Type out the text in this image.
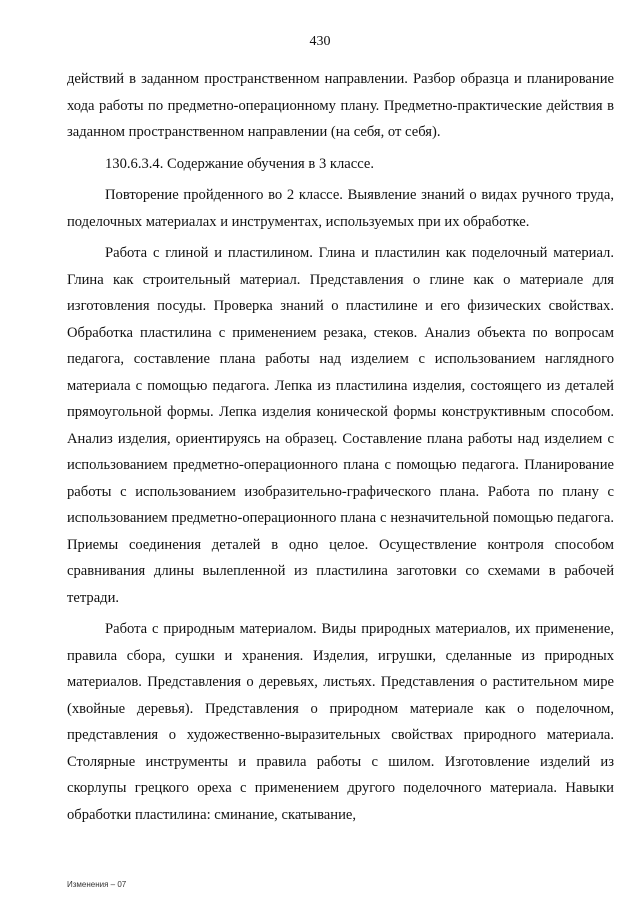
430

действий в заданном пространственном направлении. Разбор образца и планирование хода работы по предметно-операционному плану. Предметно-практические действия в заданном пространственном направлении (на себя, от себя).

130.6.3.4. Содержание обучения в 3 классе.

Повторение пройденного во 2 классе. Выявление знаний о видах ручного труда, поделочных материалах и инструментах, используемых при их обработке.

Работа с глиной и пластилином. Глина и пластилин как поделочный материал. Глина как строительный материал. Представления о глине как о материале для изготовления посуды. Проверка знаний о пластилине и его физических свойствах. Обработка пластилина с применением резака, стеков. Анализ объекта по вопросам педагога, составление плана работы над изделием с использованием наглядного материала с помощью педагога. Лепка из пластилина изделия, состоящего из деталей прямоугольной формы. Лепка изделия конической формы конструктивным способом. Анализ изделия, ориентируясь на образец. Составление плана работы над изделием с использованием предметно-операционного плана с помощью педагога. Планирование работы с использованием изобразительно-графического плана. Работа по плану с использованием предметно-операционного плана с незначительной помощью педагога. Приемы соединения деталей в одно целое. Осуществление контроля способом сравнивания длины вылепленной из пластилина заготовки со схемами в рабочей тетради.

Работа с природным материалом. Виды природных материалов, их применение, правила сбора, сушки и хранения. Изделия, игрушки, сделанные из природных материалов. Представления о деревьях, листьях. Представления о растительном мире (хвойные деревья). Представления о природном материале как о поделочном, представления о художественно-выразительных свойствах природного материала. Столярные инструменты и правила работы с шилом. Изготовление изделий из скорлупы грецкого ореха с применением другого поделочного материала. Навыки обработки пластилина: сминание, скатывание,

Изменения – 07
